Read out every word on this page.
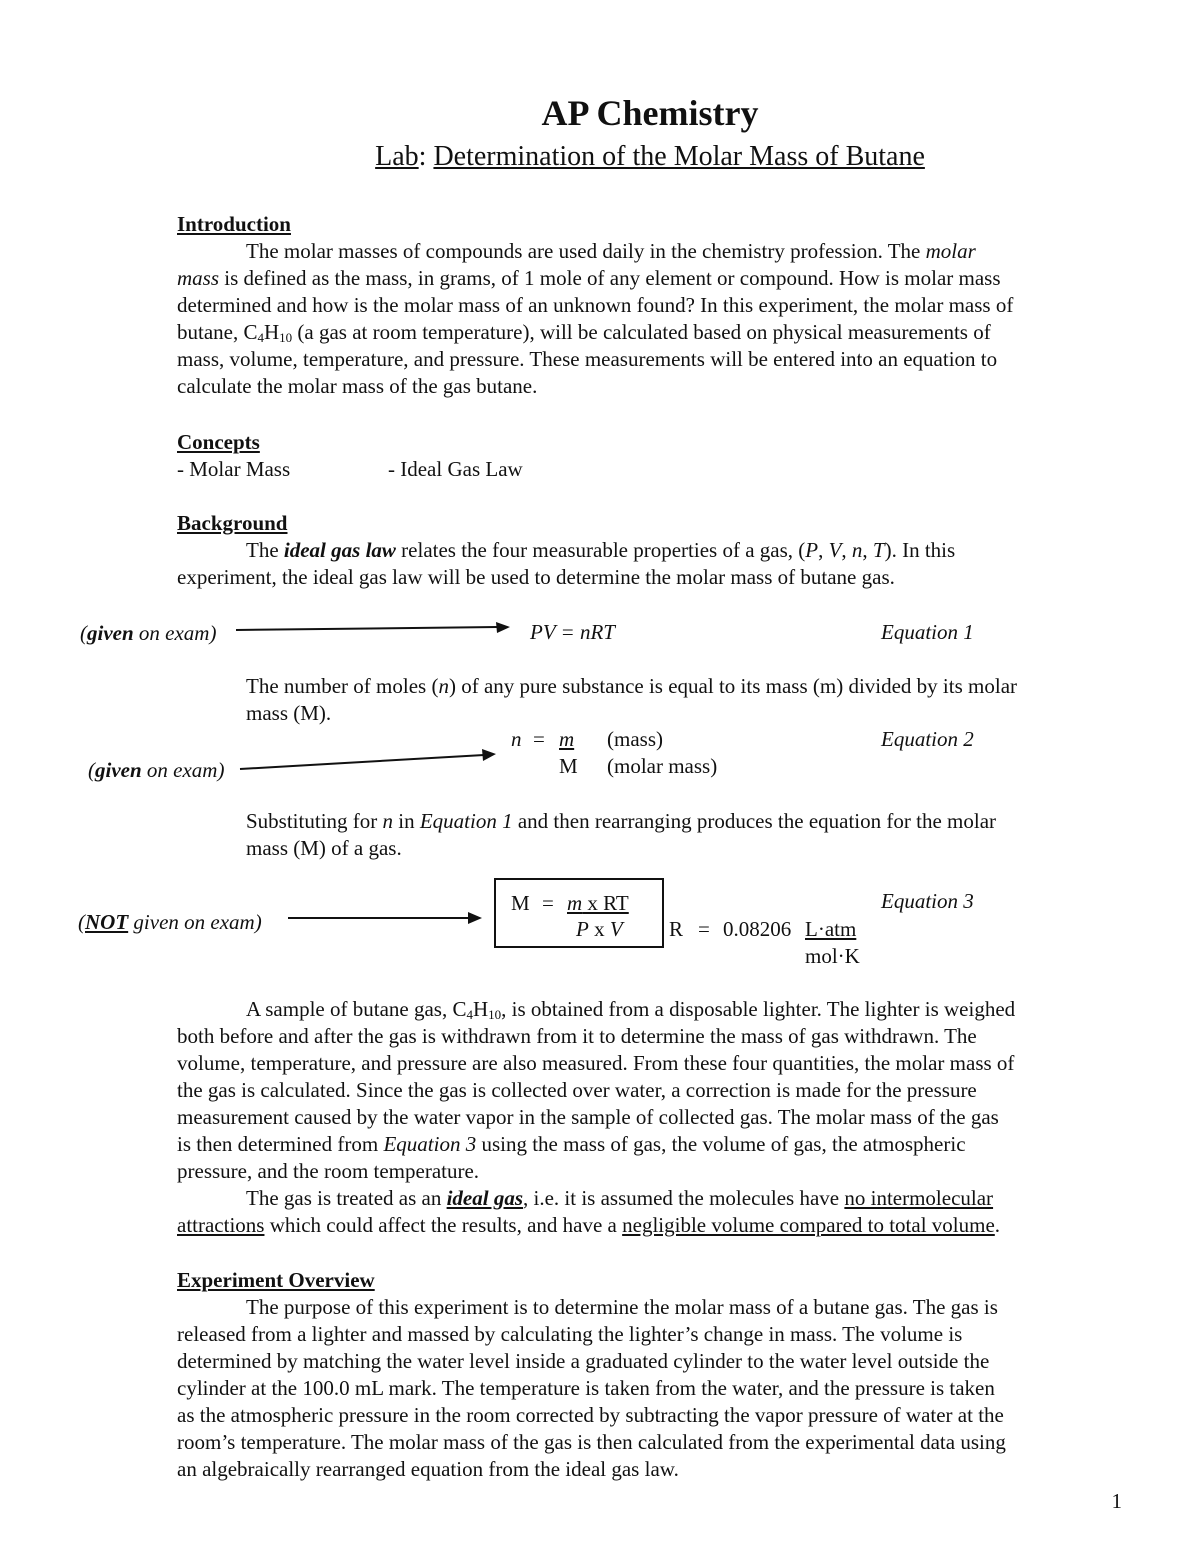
AP Chemistry
Lab: Determination of the Molar Mass of Butane
Introduction
The molar masses of compounds are used daily in the chemistry profession. The molar
mass is defined as the mass, in grams, of 1 mole of any element or compound. How is molar mass
determined and how is the molar mass of an unknown found? In this experiment, the molar mass of
butane, $C_4H_{10}$ (a gas at room temperature), will be calculated based on physical measurements of
mass, volume, temperature, and pressure. These measurements will be entered into an equation to
calculate the molar mass of the gas butane.
Concepts
- Molar Mass	- Ideal Gas Law
Background
The ideal gas law relates the four measurable properties of a gas, (P, V, n, T). In this
experiment, the ideal gas law will be used to determine the molar mass of butane gas.
(given on exam)	PV = nRT	Equation 1
The number of moles (n) of any pure substance is equal to its mass (m) divided by its molar
mass (M).
(given on exam)
n = m
M
(mass)
(molar mass)
Equation 2
Substituting for n in Equation 1 and then rearranging produces the equation for the molar
mass (M) of a gas.
(NOT given on exam)
M = m x RT
P x V
Equation 3
R = 0.08206 L·atm
mol·K
A sample of butane gas, $C_4H_{10}$, is obtained from a disposable lighter. The lighter is weighed
both before and after the gas is withdrawn from it to determine the mass of gas withdrawn. The
volume, temperature, and pressure are also measured. From these four quantities, the molar mass of
the gas is calculated. Since the gas is collected over water, a correction is made for the pressure
measurement caused by the water vapor in the sample of collected gas. The molar mass of the gas
is then determined from Equation 3 using the mass of gas, the volume of gas, the atmospheric
pressure, and the room temperature.
The gas is treated as an ideal gas, i.e. it is assumed the molecules have no intermolecular
attractions which could affect the results, and have a negligible volume compared to total volume.
Experiment Overview
The purpose of this experiment is to determine the molar mass of a butane gas. The gas is
released from a lighter and massed by calculating the lighter’s change in mass. The volume is
determined by matching the water level inside a graduated cylinder to the water level outside the
cylinder at the 100.0 mL mark. The temperature is taken from the water, and the pressure is taken
as the atmospheric pressure in the room corrected by subtracting the vapor pressure of water at the
room’s temperature. The molar mass of the gas is then calculated from the experimental data using
an algebraically rearranged equation from the ideal gas law.
1
